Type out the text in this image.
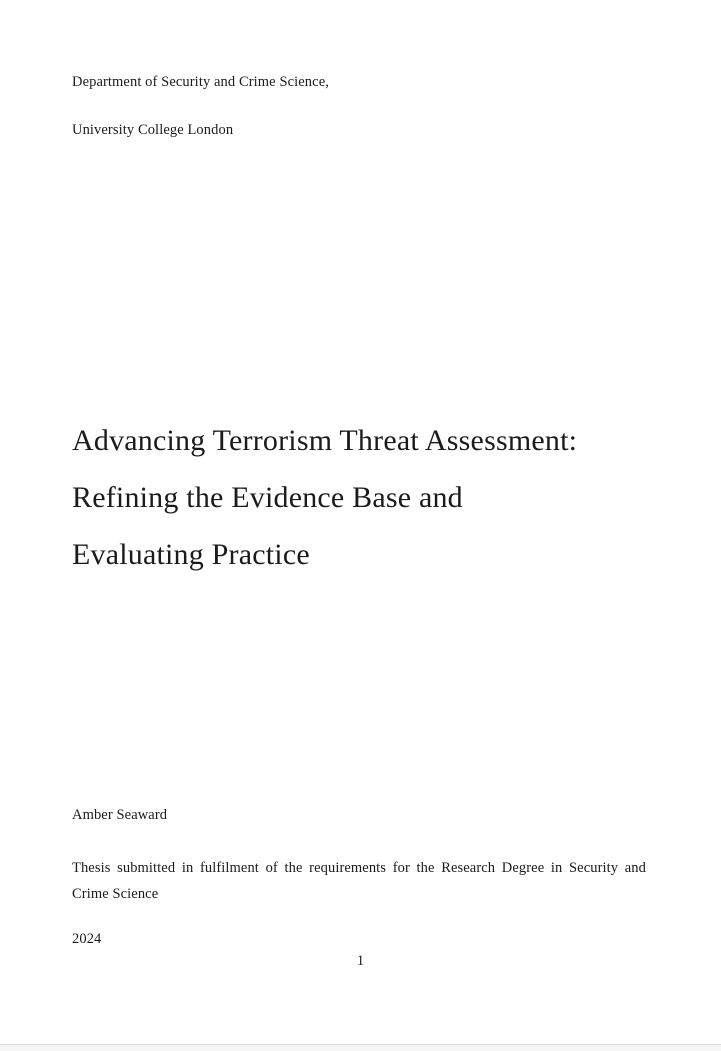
Department of Security and Crime Science,
University College London
Advancing Terrorism Threat Assessment:
Refining the Evidence Base and
Evaluating Practice
Amber Seaward

Thesis submitted in fulfilment of the requirements for the Research Degree in Security and Crime Science

2024
1
